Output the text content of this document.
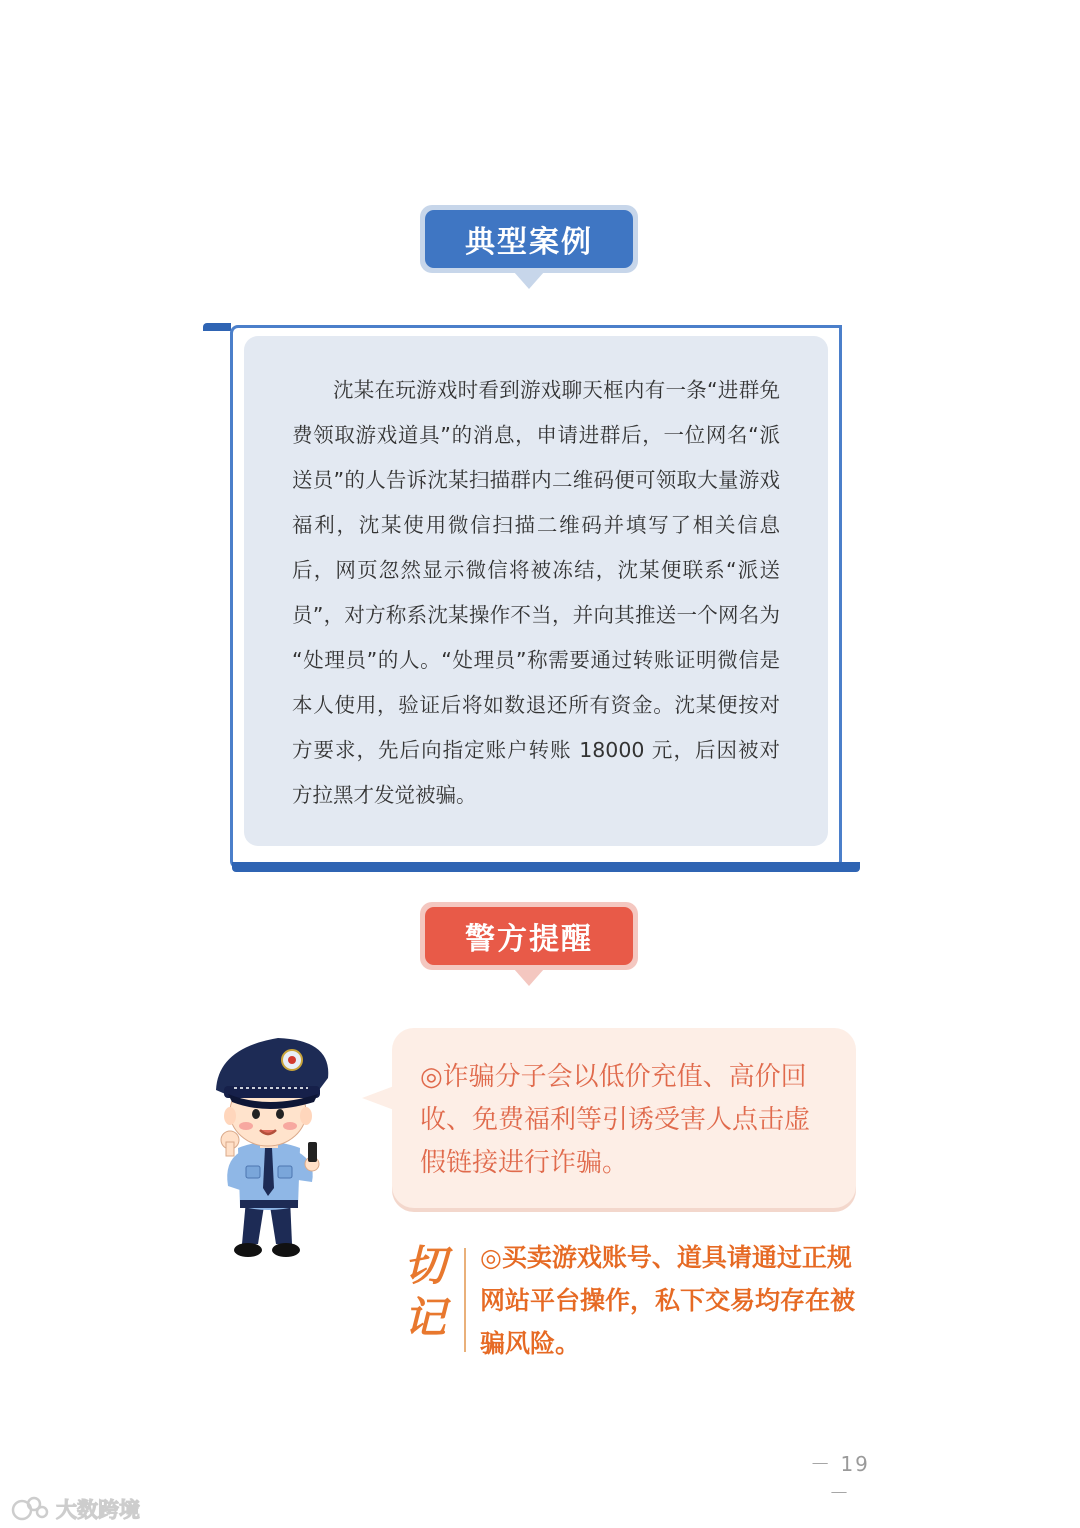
典型案例

沈某在玩游戏时看到游戏聊天框内有一条“进群免费领取游戏道具”的消息，申请进群后，一位网名“派送员”的人告诉沈某扫描群内二维码便可领取大量游戏福利，沈某使用微信扫描二维码并填写了相关信息后，网页忽然显示微信将被冻结，沈某便联系“派送员”，对方称系沈某操作不当，并向其推送一个网名为 “处理员”的人。“处理员”称需要通过转账证明微信是本人使用，验证后将如数退还所有资金。沈某便按对方要求，先后向指定账户转账 18000 元，后因被对方拉黑才发觉被骗。

警方提醒

◎诈骗分子会以低价充值、高价回收、免费福利等引诱受害人点击虚假链接进行诈骗。

切
记

◎买卖游戏账号、道具请通过正规网站平台操作，私下交易均存在被骗风险。

－ 19 －
大数跨境
